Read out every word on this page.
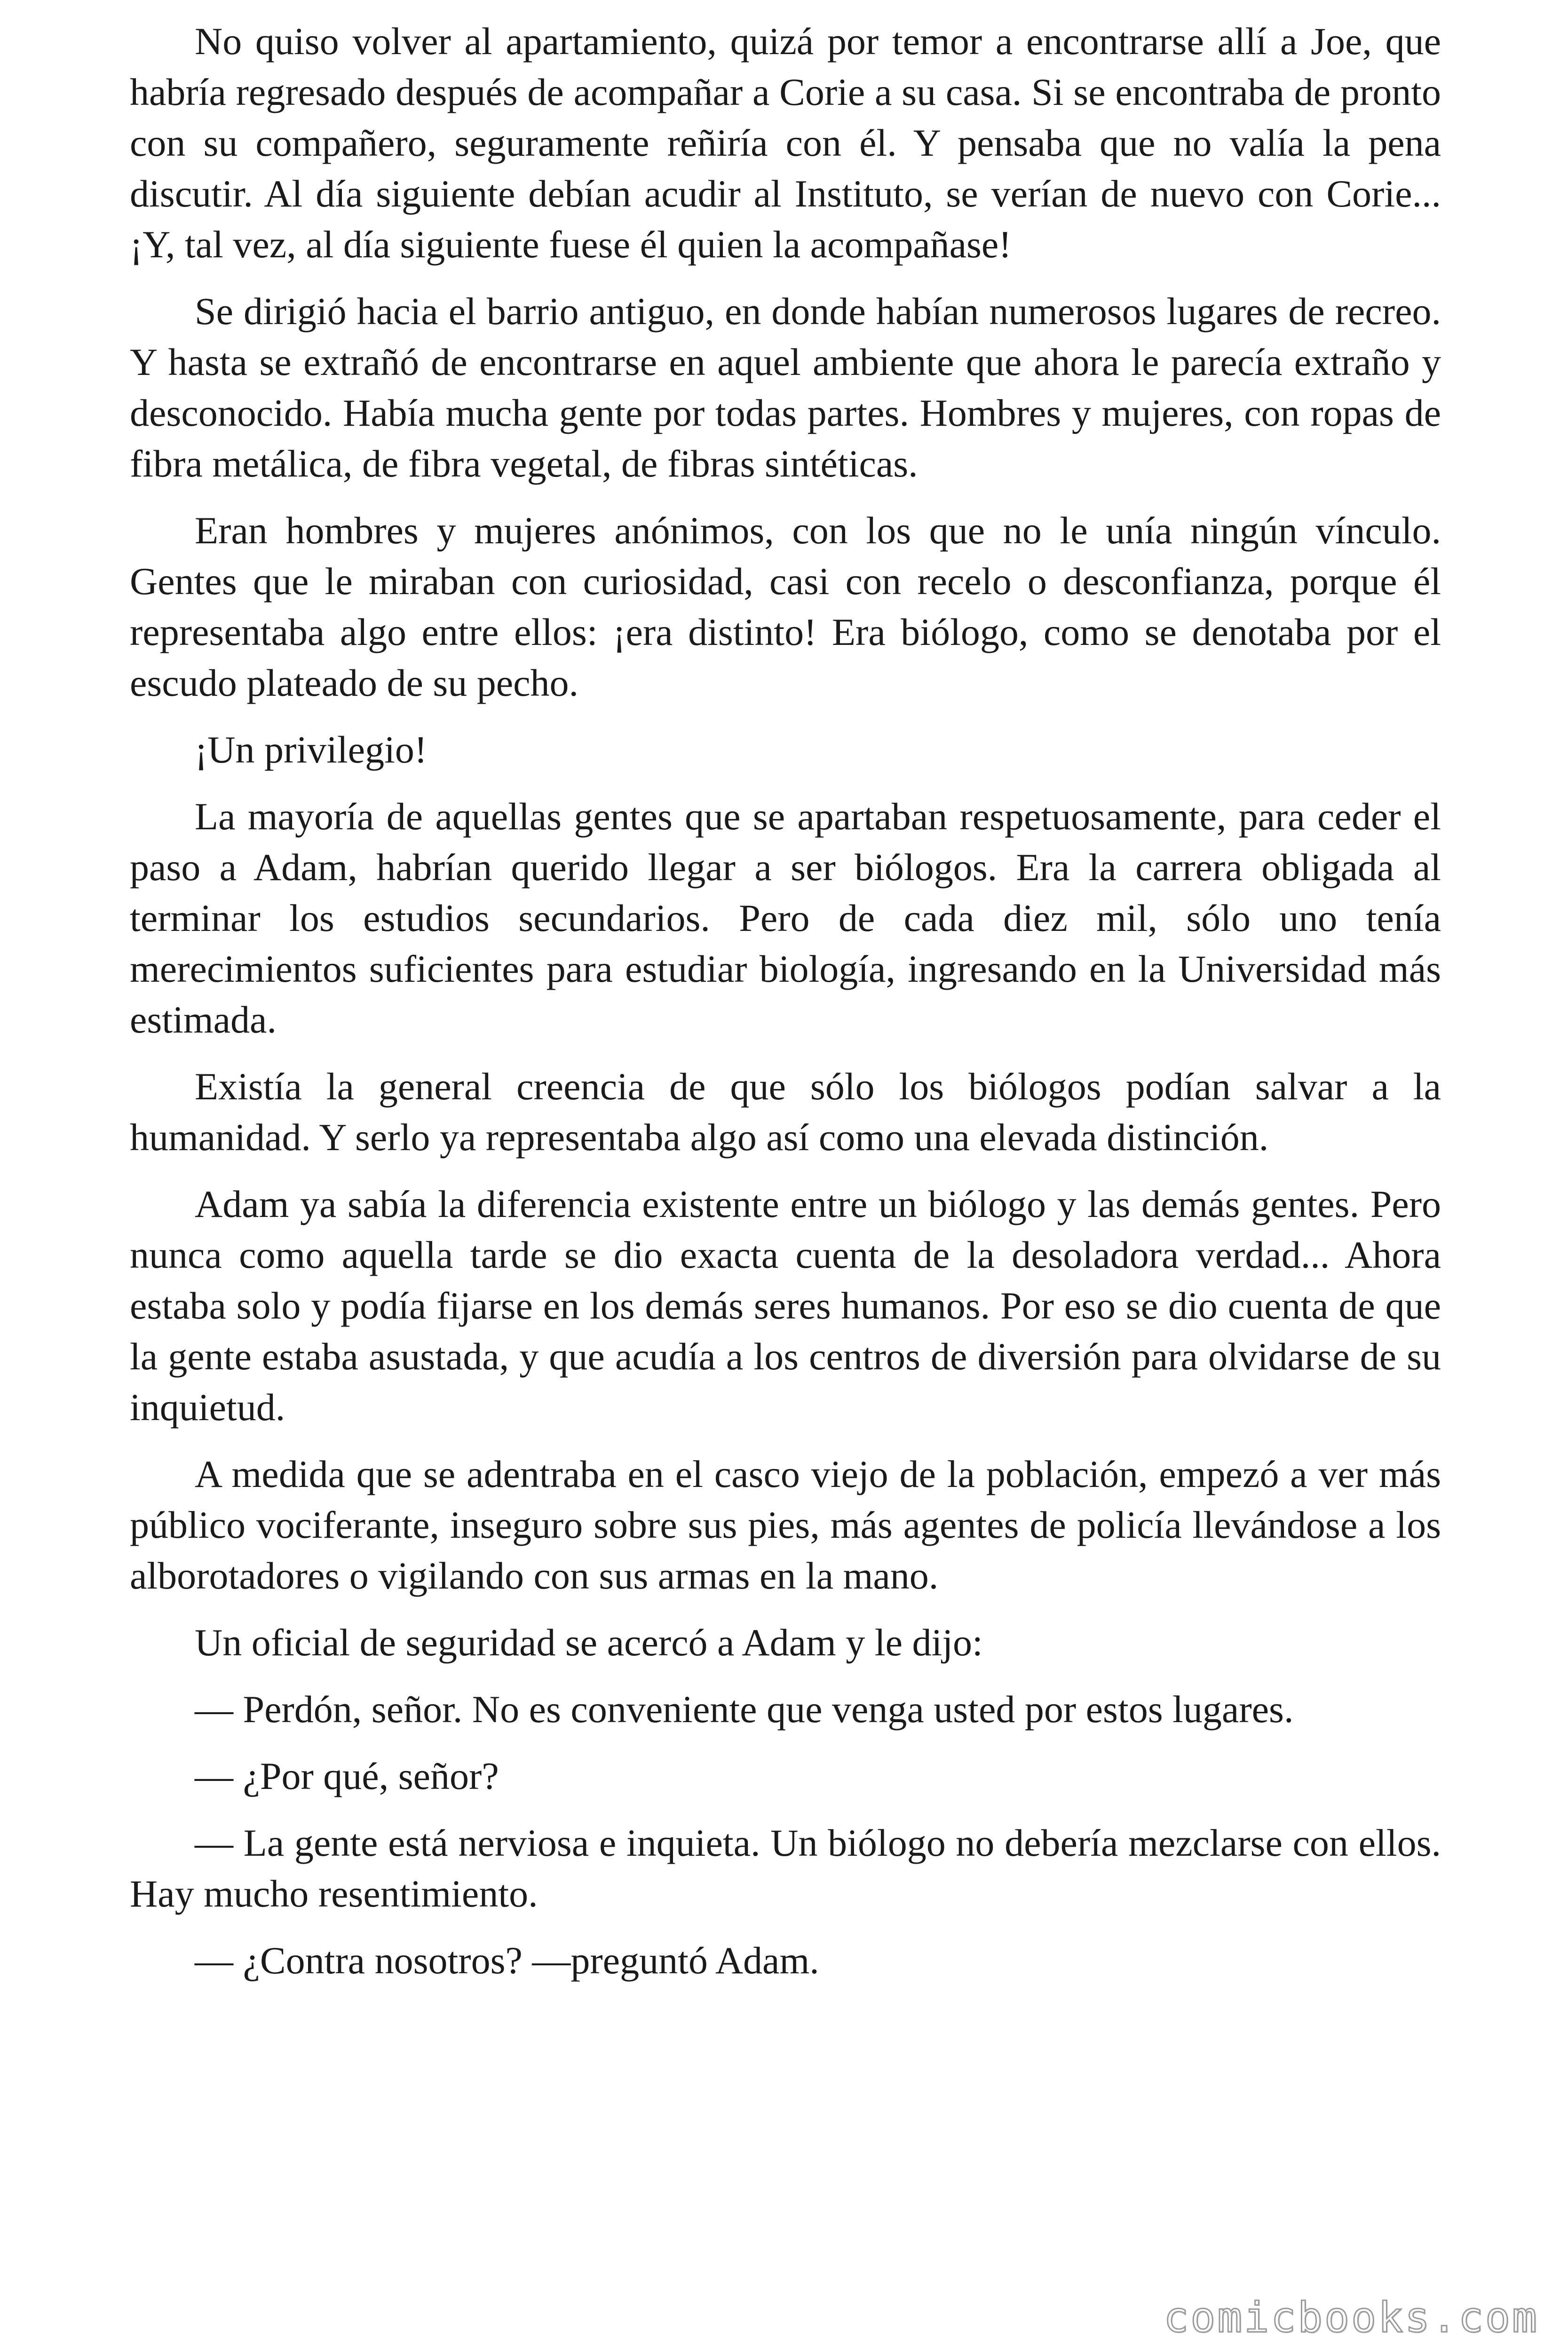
No quiso volver al apartamiento, quizá por temor a encontrarse allí a Joe, que habría regresado después de acompañar a Corie a su casa. Si se encontraba de pronto con su compañero, seguramente reñiría con él. Y pensaba que no valía la pena discutir. Al día siguiente debían acudir al Instituto, se verían de nuevo con Corie... ¡Y, tal vez, al día siguiente fuese él quien la acompañase!

Se dirigió hacia el barrio antiguo, en donde habían numerosos lugares de recreo. Y hasta se extrañó de encontrarse en aquel ambiente que ahora le parecía extraño y desconocido. Había mucha gente por todas partes. Hombres y mujeres, con ropas de fibra metálica, de fibra vegetal, de fibras sintéticas.

Eran hombres y mujeres anónimos, con los que no le unía ningún vínculo. Gentes que le miraban con curiosidad, casi con recelo o desconfianza, porque él representaba algo entre ellos: ¡era distinto! Era biólogo, como se denotaba por el escudo plateado de su pecho.

¡Un privilegio!

La mayoría de aquellas gentes que se apartaban respetuosamente, para ceder el paso a Adam, habrían querido llegar a ser biólogos. Era la carrera obligada al terminar los estudios secundarios. Pero de cada diez mil, sólo uno tenía merecimientos suficientes para estudiar biología, ingresando en la Universidad más estimada.

Existía la general creencia de que sólo los biólogos podían salvar a la humanidad. Y serlo ya representaba algo así como una elevada distinción.

Adam ya sabía la diferencia existente entre un biólogo y las demás gentes. Pero nunca como aquella tarde se dio exacta cuenta de la desoladora verdad... Ahora estaba solo y podía fijarse en los demás seres humanos. Por eso se dio cuenta de que la gente estaba asustada, y que acudía a los centros de diversión para olvidarse de su inquietud.

A medida que se adentraba en el casco viejo de la población, empezó a ver más público vociferante, inseguro sobre sus pies, más agentes de policía llevándose a los alborotadores o vigilando con sus armas en la mano.

Un oficial de seguridad se acercó a Adam y le dijo:

— Perdón, señor. No es conveniente que venga usted por estos lugares.

— ¿Por qué, señor?

— La gente está nerviosa e inquieta. Un biólogo no debería mezclarse con ellos. Hay mucho resentimiento.

— ¿Contra nosotros? —preguntó Adam.

comicbooks.com
